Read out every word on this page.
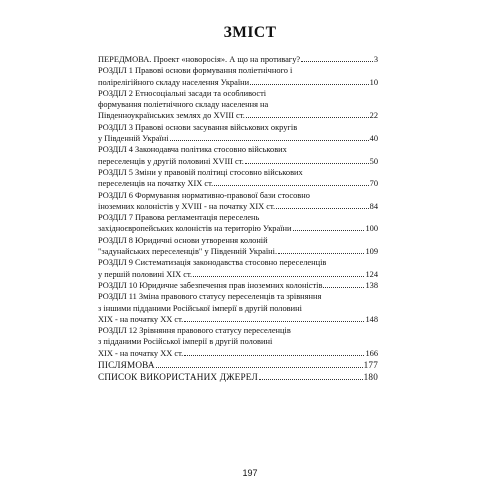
ЗМІСТ
ПЕРЕДМОВА. Проект «новоросія». А що на противагу?	3
РОЗДІЛ 1 Правові основи формування поліетнічного і
поліpeлігійного складу населення України	10
РОЗДІЛ 2 Етносоціальні засади та особливості
формування поліетнічного складу населення на
Південноукраїнських землях до XVIII ст.	22
РОЗДІЛ 3 Правові основи засування військових округів
у Південній Україні	40
РОЗДІЛ 4 Законодавча політика стосовно військових
переселенців у другій половині XVIII ст.	50
РОЗДІЛ 5 Зміни у правовій політиці стосовно військових
переселенців на початку XIX ст.	70
РОЗДІЛ 6 Формування нормативно-правової бази стосовно
іноземних колоністів у XVIII - на початку XIX ст.	84
РОЗДІЛ 7 Правова регламентація переселень
західноєвропейських колоністів на територію України	100
РОЗДІЛ 8 Юридичні основи утворення колоній
"задунайських переселенців" у Південній Україні.	109
РОЗДІЛ 9 Систематизація законодавства стосовно переселенців
у першій половині XIX ст.	124
РОЗДІЛ 10 Юридичне забезпечення прав іноземних колоністів	138
РОЗДІЛ 11 Зміна правового статусу переселенців та зрівняння
з іншими підданими Російської імперії в другій половині
XIX - на початку XX ст.	148
РОЗДІЛ 12 Зрівняння правового статусу переселенців
з підданими Російської імперії в другій половині
XIX - на початку XX ст.	166
ПІСЛЯМОВА	177
СПИСОК ВИКОРИСТАНИХ ДЖЕРЕЛ	180
197
